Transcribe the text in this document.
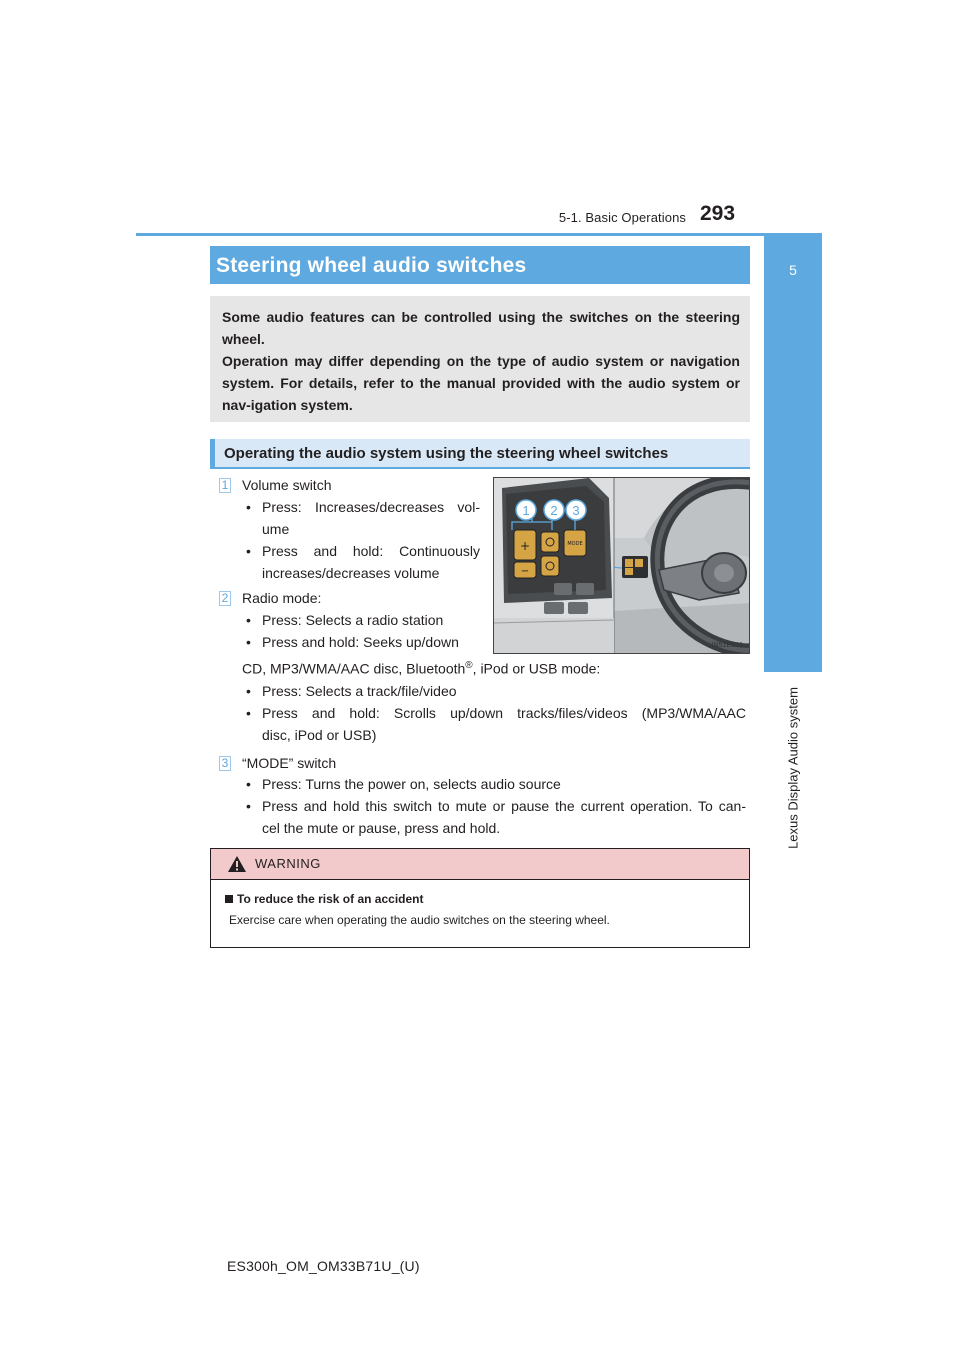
5-1. Basic Operations 293
5
Lexus Display Audio system
Steering wheel audio switches

Some audio features can be controlled using the switches on the steering wheel.

Operation may differ depending on the type of audio system or navigation system. For details, refer to the manual provided with the audio system or nav-igation system.

Operating the audio system using the steering wheel switches
1 Volume switch
• Press: Increases/decreases vol-
ume
• Press and hold: Continuously
increases/decreases volume
2 Radio mode:
• Press: Selects a radio station
• Press and hold: Seeks up/down
CD, MP3/WMA/AAC disc, Bluetooth®, iPod or USB mode:
• Press: Selects a track/file/video
• Press and hold: Scrolls up/down tracks/files/videos (MP3/WMA/AAC
disc, iPod or USB)
3 “MODE” switch
• Press: Turns the power on, selects audio source
• Press and hold this switch to mute or pause the current operation. To can-
cel the mute or pause, press and hold.
+
−
MODE
1 2 3
IN51ES11
WARNING
To reduce the risk of an accident
Exercise care when operating the audio switches on the steering wheel.
ES300h_OM_OM33B71U_(U)
